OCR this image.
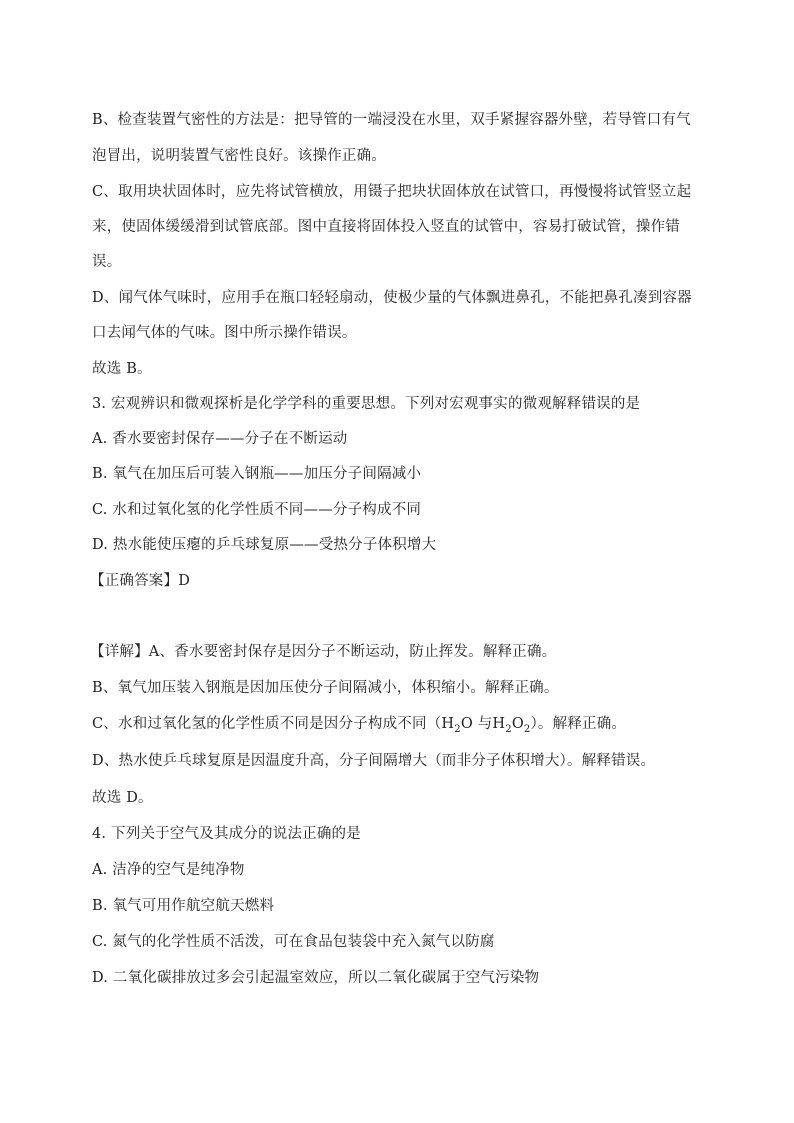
B、检查装置气密性的方法是：把导管的一端浸没在水里，双手紧握容器外壁，若导管口有气
泡冒出，说明装置气密性良好。该操作正确。
C、取用块状固体时，应先将试管横放，用镊子把块状固体放在试管口，再慢慢将试管竖立起
来，使固体缓缓滑到试管底部。图中直接将固体投入竖直的试管中，容易打破试管，操作错
误。
D、闻气体气味时，应用手在瓶口轻轻扇动，使极少量的气体飘进鼻孔，不能把鼻孔凑到容器
口去闻气体的气味。图中所示操作错误。
故选 B。
3. 宏观辨识和微观探析是化学学科的重要思想。下列对宏观事实的微观解释错误的是
A. 香水要密封保存——分子在不断运动
B. 氧气在加压后可装入钢瓶——加压分子间隔减小
C. 水和过氧化氢的化学性质不同——分子构成不同
D. 热水能使压瘪的乒乓球复原——受热分子体积增大
【正确答案】D
【详解】A、香水要密封保存是因分子不断运动，防止挥发。解释正确。
B、氧气加压装入钢瓶是因加压使分子间隔减小，体积缩小。解释正确。
C、水和过氧化氢的化学性质不同是因分子构成不同（$H_2O$ 与$H_2O_2$）。解释正确。
D、热水使乒乓球复原是因温度升高，分子间隔增大（而非分子体积增大）。解释错误。
故选 D。
4. 下列关于空气及其成分的说法正确的是
A. 洁净的空气是纯净物
B. 氧气可用作航空航天燃料
C. 氮气的化学性质不活泼，可在食品包装袋中充入氮气以防腐
D. 二氧化碳排放过多会引起温室效应，所以二氧化碳属于空气污染物
